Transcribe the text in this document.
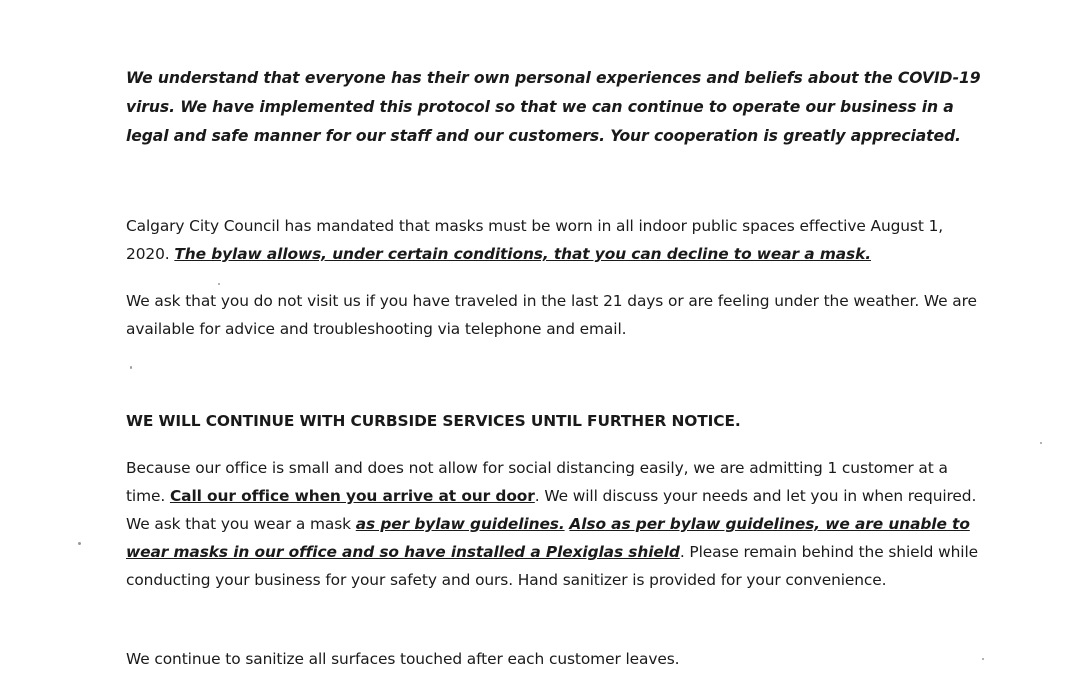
We understand that everyone has their own personal experiences and beliefs about the COVID-19 virus. We have implemented this protocol so that we can continue to operate our business in a legal and safe manner for our staff and our customers. Your cooperation is greatly appreciated.

Calgary City Council has mandated that masks must be worn in all indoor public spaces effective August 1, 2020. The bylaw allows, under certain conditions, that you can decline to wear a mask.

We ask that you do not visit us if you have traveled in the last 21 days or are feeling under the weather. We are available for advice and troubleshooting via telephone and email.

WE WILL CONTINUE WITH CURBSIDE SERVICES UNTIL FURTHER NOTICE.

Because our office is small and does not allow for social distancing easily, we are admitting 1 customer at a time. Call our office when you arrive at our door. We will discuss your needs and let you in when required. We ask that you wear a mask as per bylaw guidelines. Also as per bylaw guidelines, we are unable to wear masks in our office and so have installed a Plexiglas shield. Please remain behind the shield while conducting your business for your safety and ours. Hand sanitizer is provided for your convenience.

We continue to sanitize all surfaces touched after each customer leaves.
